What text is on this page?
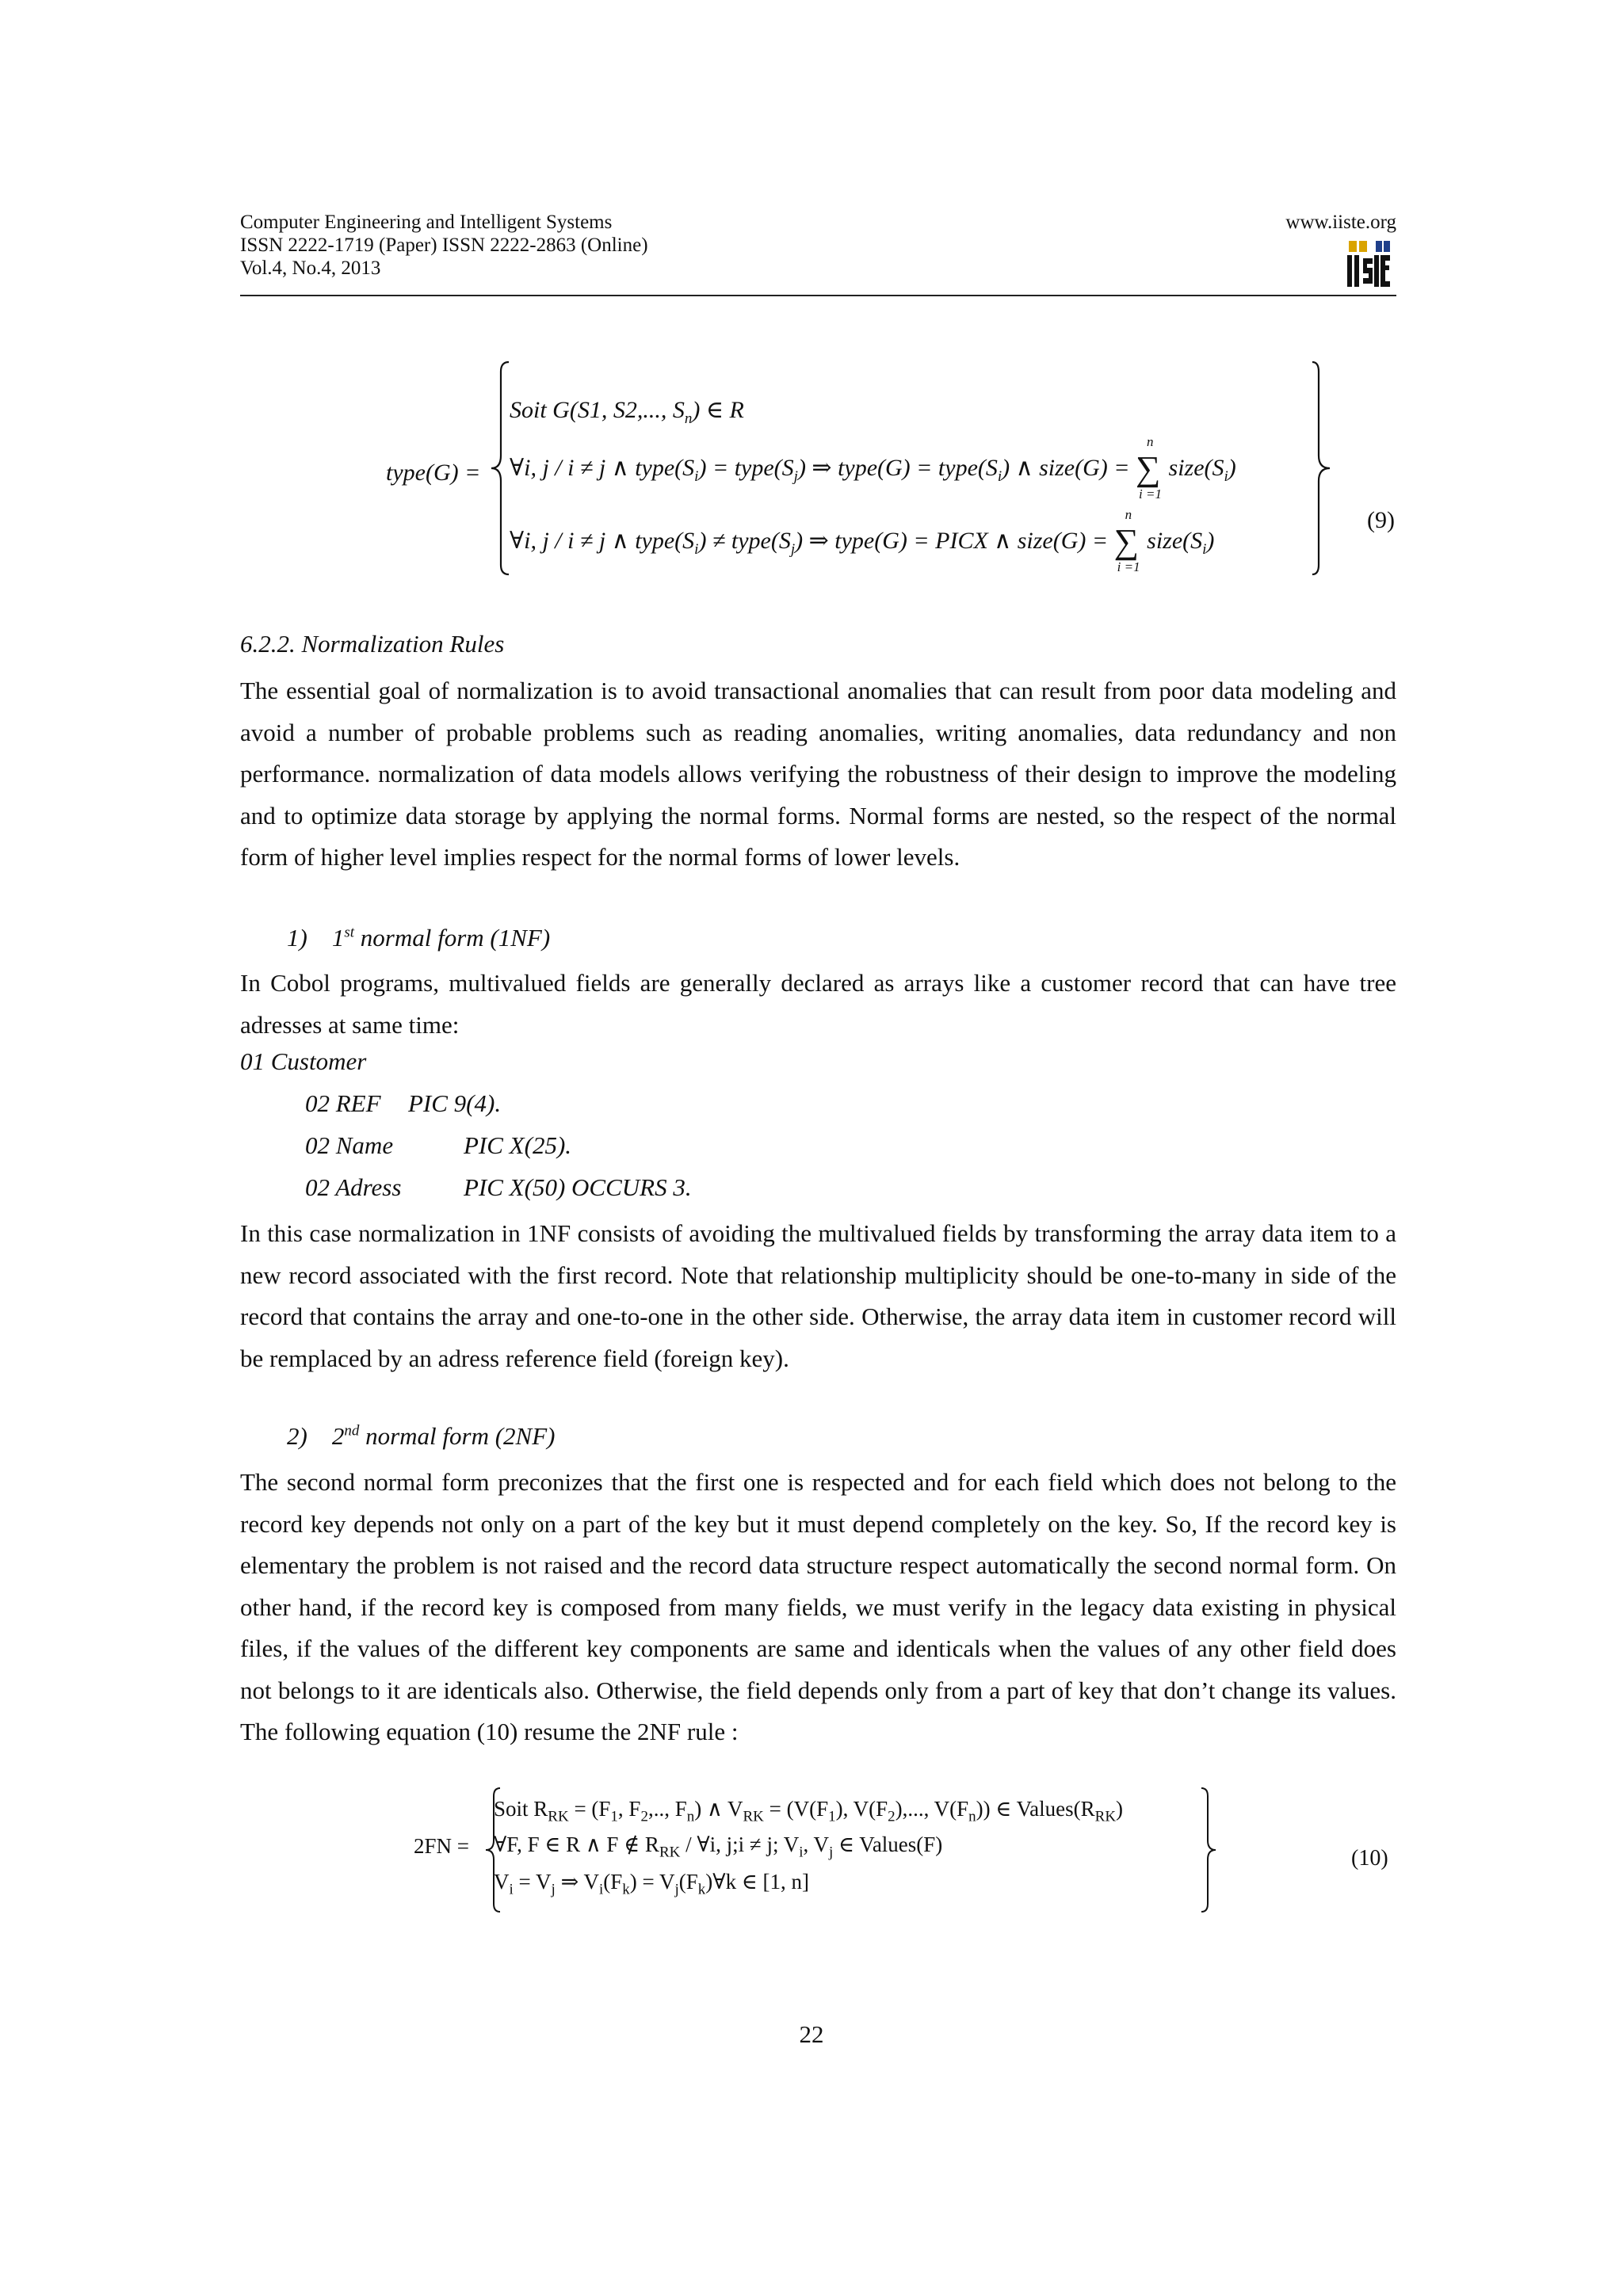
Computer Engineering and Intelligent Systems
ISSN 2222-1719 (Paper) ISSN 2222-2863 (Online)
Vol.4, No.4, 2013
www.iiste.org
type(G) =
Soit G(S1, S2,..., $S_n$) ∈ R
∀i, j / i ≠ j ∧ $type(S_i)$ = $type(S_j)$ ⇒ type(G) = $type(S_i)$ ∧ size(G) = ∑
n
i =1
$size(S_i)$
∀i, j / i ≠ j ∧ $type(S_i)$ ≠ $type(S_j)$ ⇒ type(G) = PICX ∧ size(G) = ∑
n
i =1
$size(S_i)$
(9)
6.2.2. Normalization Rules
The essential goal of normalization is to avoid transactional anomalies that can result from poor data modeling and avoid a number of probable problems such as reading anomalies, writing anomalies, data redundancy and non performance. normalization of data models allows verifying the robustness of their design to improve the modeling and to optimize data storage by applying the normal forms. Normal forms are nested, so the respect of the normal form of higher level implies respect for the normal forms of lower levels.
1) 1st normal form (1NF)
In Cobol programs, multivalued fields are generally declared as arrays like a customer record that can have tree adresses at same time:
01 Customer
02 REF PIC 9(4).
02 Name	PIC X(25).
02 Adress	PIC X(50) OCCURS 3.
In this case normalization in 1NF consists of avoiding the multivalued fields by transforming the array data item to a new record associated with the first record. Note that relationship multiplicity should be one-to-many in side of the record that contains the array and one-to-one in the other side. Otherwise, the array data item in customer record will be remplaced by an adress reference field (foreign key).
2) 2nd normal form (2NF)
The second normal form preconizes that the first one is respected and for each field which does not belong to the record key depends not only on a part of the key but it must depend completely on the key. So, If the record key is elementary the problem is not raised and the record data structure respect automatically the second normal form. On other hand, if the record key is composed from many fields, we must verify in the legacy data existing in physical files, if the values of the different key components are same and identicals when the values of any other field does not belongs to it are identicals also. Otherwise, the field depends only from a part of key that don’t change its values. The following equation (10) resume the 2NF rule :
2FN =
Soit $R_{RK} = (F_1$, $F_2$,.., $F_n$) ∧ $V_{RK} = (V(F_1)$, $V(F_2)$,..., $V(F_n)$) ∈ $Values(R_{RK})$
∀F, F ∈ R ∧ F ∉ $R_{RK}$ / ∀i, j;i ≠ j; $V_i$, $V_j$ ∈ Values(F)
$V_i = V_j$ ⇒ $V_i(F_k)$ = $V_j(F_k)\forall k$ ∈ [1, n]
(10)
22
